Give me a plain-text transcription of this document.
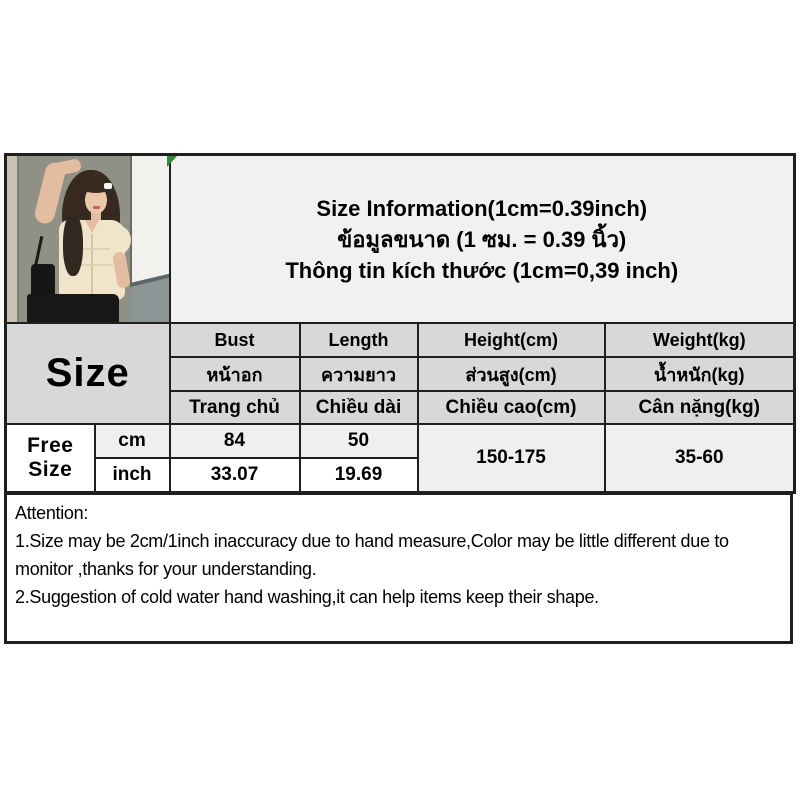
		Size Information(1cm=0.39inch)
ข้อมูลขนาด (1 ซม. = 0.39 นิ้ว)
Thông tin kích thước (1cm=0,39 inch)			

Size		Bust	Length	Height(cm)	Weight(kg)
		หน้าอก	ความยาว	ส่วนสูง(cm)	น้ำหนัก(kg)
		Trang chủ	Chiều dài	Chiều cao(cm)	Cân nặng(kg)
Free Size	cm	84	50	150-175	35-60
	inch	33.07	19.69		
Attention:
1.Size may be 2cm/1inch inaccuracy due to hand measure,Color may be little different due to monitor ,thanks for your understanding.
2.Suggestion of cold water hand washing,it can help items keep their shape.
